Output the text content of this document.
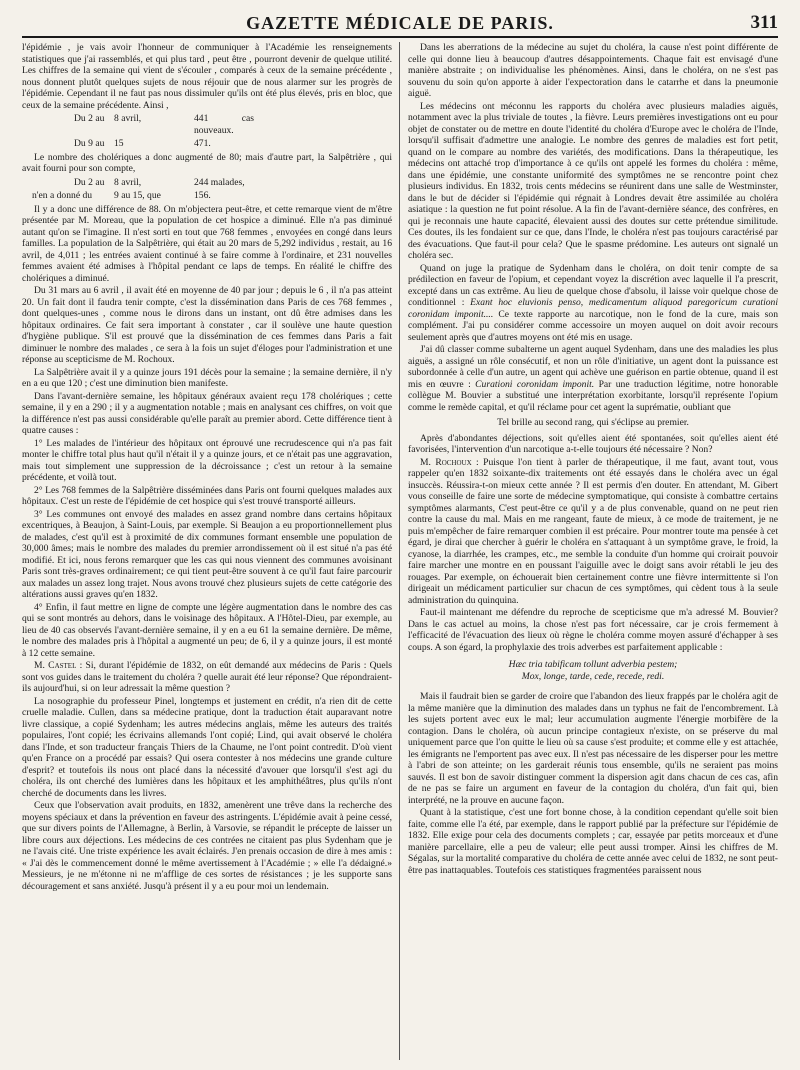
GAZETTE MÉDICALE DE PARIS.	311

l'épidémie , je vais avoir l'honneur de communiquer à l'Académie les renseignements statistiques que j'ai rassemblés, et qui plus tard , peut être , pourront devenir de quelque utilité. Les chiffres de la semaine qui vient de s'écouler , comparés à ceux de la semaine précédente , nous donnent plutôt quelques sujets de nous réjouir que de nous alarmer sur les progrès de l'épidémie. Cependant il ne faut pas nous dissimuler qu'ils ont été plus élevés, pris en bloc, que ceux de la semaine précédente. Ainsi ,

Du 2 au	8 avril,	441 cas nouveaux.
Du 9 au	15	471.

Le nombre des cholériques a donc augmenté de 80; mais d'autre part, la Salpêtrière , qui avait fourni pour son compte,

Du 2 au	8 avril,	244 malades,
n'en a donné du	9 au 15, que	156.

Il y a donc une différence de 88. On m'objectera peut-être, et cette remarque vient de m'être présentée par M. Moreau, que la population de cet hospice a diminué. Elle n'a pas diminué autant qu'on se l'imagine. Il n'est sorti en tout que 768 femmes , envoyées en congé dans leurs familles. La population de la Salpêtrière, qui était au 20 mars de 5,292 individus , restait, au 16 avril, de 4,011 ; les entrées avaient continué à se faire comme à l'ordinaire, et 231 nouvelles femmes avaient été admises à l'hôpital pendant ce laps de temps. En réalité le chiffre des cholériques a diminué.

Du 31 mars au 6 avril , il avait été en moyenne de 40 par jour ; depuis le 6 , il n'a pas atteint 20. Un fait dont il faudra tenir compte, c'est la dissémination dans Paris de ces 768 femmes , dont quelques-unes , comme nous le dirons dans un instant, ont dû être admises dans les hôpitaux ordinaires. Ce fait sera important à constater , car il soulève une haute question d'hygiène publique. S'il est prouvé que la dissémination de ces femmes dans Paris a fait diminuer le nombre des malades , ce sera à la fois un sujet d'éloges pour l'administration et une réponse au scepticisme de M. Rochoux.

La Salpêtrière avait il y a quinze jours 191 décès pour la semaine ; la semaine dernière, il n'y en a eu que 120 ; c'est une diminution bien manifeste.

Dans l'avant-dernière semaine, les hôpitaux généraux avaient reçu 178 cholériques ; cette semaine, il y en a 290 ; il y a augmentation notable ; mais en analysant ces chiffres, on voit que la différence n'est pas aussi considérable qu'elle paraît au premier abord. Cette différence tient à quatre causes :

1° Les malades de l'intérieur des hôpitaux ont éprouvé une recrudescence qui n'a pas fait monter le chiffre total plus haut qu'il n'était il y a quinze jours, et ce n'était pas une aggravation, mais tout simplement une suppression de la décroissance ; c'est un retour à la semaine précédente, et voilà tout.

2° Les 768 femmes de la Salpêtrière disséminées dans Paris ont fourni quelques malades aux hôpitaux. C'est un reste de l'épidémie de cet hospice qui s'est trouvé transporté ailleurs.

3° Les communes ont envoyé des malades en assez grand nombre dans certains hôpitaux excentriques, à Beaujon, à Saint-Louis, par exemple. Si Beaujon a eu proportionnellement plus de malades, c'est qu'il est à proximité de dix communes formant ensemble une population de 30,000 âmes; mais le nombre des malades du premier arrondissement où il est situé n'a pas été modifié. Et ici, nous ferons remarquer que les cas qui nous viennent des communes avoisinant Paris sont très-graves ordinairement; ce qui tient peut-être souvent à ce qu'il faut faire parcourir aux malades un assez long trajet. Nous avons trouvé chez plusieurs sujets de cette catégorie des altérations aussi graves qu'en 1832.

4° Enfin, il faut mettre en ligne de compte une légère augmentation dans le nombre des cas qui se sont montrés au dehors, dans le voisinage des hôpitaux. A l'Hôtel-Dieu, par exemple, au lieu de 40 cas observés l'avant-dernière semaine, il y en a eu 61 la semaine dernière. De même, le nombre des malades pris à l'hôpital a augmenté un peu; de 6, il y a quinze jours, il est monté à 12 cette semaine.

M. Castel : Si, durant l'épidémie de 1832, on eût demandé aux médecins de Paris : Quels sont vos guides dans le traitement du choléra ? quelle aurait été leur réponse? Que répondraient-ils aujourd'hui, si on leur adressait la même question ?

La nosographie du professeur Pinel, longtemps et justement en crédit, n'a rien dit de cette cruelle maladie. Cullen, dans sa médecine pratique, dont la traduction était auparavant notre livre classique, a copié Sydenham; les autres médecins anglais, même les auteurs des traités populaires, l'ont copié; les écrivains allemands l'ont copié; Lind, qui avait observé le choléra dans l'Inde, et son traducteur français Thiers de la Chaume, ne l'ont point contredit. D'où vient qu'en France on a procédé par essais? Qui osera contester à nos médecins une grande culture d'esprit? et toutefois ils nous ont placé dans la nécessité d'avouer que lorsqu'il s'est agi du choléra, ils ont cherché des lumières dans les hôpitaux et les amphithéâtres, plus qu'ils n'ont cherché de documents dans les livres.

Ceux que l'observation avait produits, en 1832, amenèrent une trêve dans la recherche des moyens spéciaux et dans la prévention en faveur des astringents. L'épidémie avait à peine cessé, que sur divers points de l'Allemagne, à Berlin, à Varsovie, se répandit le précepte de laisser un libre cours aux déjections. Les médecins de ces contrées ne citaient pas plus Sydenham que je ne l'avais cité. Une triste expérience les avait éclairés. J'en prenais occasion de dire à mes amis : « J'ai dès le commencement donné le même avertissement à l'Académie ; » elle l'a dédaigné.» Messieurs, je ne m'étonne ni ne m'afflige de ces sortes de résistances ; je les supporte sans découragement et sans anxiété. Jusqu'à présent il y a eu pour moi un lendemain.

Dans les aberrations de la médecine au sujet du choléra, la cause n'est point différente de celle qui donne lieu à beaucoup d'autres désappointements. Chaque fait est envisagé d'une manière abstraite ; on individualise les phénomènes. Ainsi, dans le choléra, on ne s'est pas souvenu du soin qu'on apporte à aider l'expectoration dans le catarrhe et dans la pneumonie aiguë.

Les médecins ont méconnu les rapports du choléra avec plusieurs maladies aiguës, notamment avec la plus triviale de toutes , la fièvre. Leurs premières investigations ont eu pour objet de constater ou de mettre en doute l'identité du choléra d'Europe avec le choléra de l'Inde, lorsqu'il suffisait d'admettre une analogie. Le nombre des genres de maladies est fort petit, quand on le compare au nombre des variétés, des modifications. Dans la thérapeutique, les médecins ont attaché trop d'importance à ce qu'ils ont appelé les formes du choléra : même, dans une épidémie, une constante uniformité des symptômes ne se rencontre point chez plusieurs individus. En 1832, trois cents médecins se réunirent dans une salle de Westminster, dans le but de décider si l'épidémie qui régnait à Londres devait être assimilée au choléra asiatique : la question ne fut point résolue. A la fin de l'avant-dernière séance, des confrères, en qui je reconnais une haute capacité, élevaient aussi des doutes sur cette prétendue similitude. Ces doutes, ils les fondaient sur ce que, dans l'Inde, le choléra n'est pas toujours caractérisé par des évacuations. Que faut-il pour cela? Que le spasme prédomine. Les auteurs ont signalé un choléra sec.

Quand on juge la pratique de Sydenham dans le choléra, on doit tenir compte de sa prédilection en faveur de l'opium, et cependant voyez la discrétion avec laquelle il l'a prescrit, excepté dans un cas extrême. Au lieu de quelque chose d'absolu, il laisse voir quelque chose de conditionnel : Exant hoc eluvionis penso, medicamentum aliquod paregoricum curationi coronidam imponit.... Ce texte rapporte au narcotique, non le fond de la cure, mais son complément. J'ai pu considérer comme accessoire un moyen auquel on doit avoir recours seulement après que d'autres moyens ont été mis en usage.

J'ai dû classer comme subalterne un agent auquel Sydenham, dans une des maladies les plus aiguës, a assigné un rôle consécutif, et non un rôle d'initiative, un agent dont la puissance est subordonnée à celle d'un autre, un agent qui achève une guérison en partie obtenue, quand il est mis en œuvre : Curationi coronidam imponit. Par une traduction légitime, notre honorable collègue M. Bouvier a substitué une interprétation exorbitante, lorsqu'il représente l'opium comme le remède capital, et qu'il réclame pour cet agent la suprématie, oubliant que

Tel brille au second rang, qui s'éclipse au premier.

Après d'abondantes déjections, soit qu'elles aient été spontanées, soit qu'elles aient été favorisées, l'intervention d'un narcotique a-t-elle toujours été nécessaire ? Non?

M. Rochoux : Puisque l'on tient à parler de thérapeutique, il me faut, avant tout, vous rappeler qu'en 1832 soixante-dix traitements ont été essayés dans le choléra avec un égal insuccès. Réussira-t-on mieux cette année ? Il est permis d'en douter. En attendant, M. Gibert vous conseille de faire une sorte de médecine symptomatique, qui consiste à combattre certains symptômes alarmants, C'est peut-être ce qu'il y a de plus convenable, quand on ne peut rien contre la cause du mal. Mais en me rangeant, faute de mieux, à ce mode de traitement, je ne puis m'empêcher de faire remarquer combien il est précaire. Pour montrer toute ma pensée à cet égard, je dirai que chercher à guérir le choléra en s'attaquant à un symptôme grave, le froid, la cyanose, la diarrhée, les crampes, etc., me semble la conduite d'un homme qui croirait pouvoir faire marcher une montre en en poussant l'aiguille avec le doigt sans avoir rétabli le jeu des rouages. Par exemple, on échouerait bien certainement contre une fièvre intermittente si l'on dirigeait un médicament particulier sur chacun de ces symptômes, qui cèdent tous à la seule administration du quinquina.

Faut-il maintenant me défendre du reproche de scepticisme que m'a adressé M. Bouvier? Dans le cas actuel au moins, la chose n'est pas fort nécessaire, car je crois fermement à l'efficacité de l'évacuation des lieux où règne le choléra comme moyen assuré d'échapper à ses coups. A son égard, la prophylaxie des trois adverbes est parfaitement applicable :

Hæc tria tabificam tollunt adverbia pestem;
Mox, longe, tarde, cede, recede, redi.

Mais il faudrait bien se garder de croire que l'abandon des lieux frappés par le choléra agit de la même manière que la diminution des malades dans un typhus ne fait de l'encombrement. Là les sujets portent avec eux le mal; leur accumulation augmente l'énergie morbifère de la contagion. Dans le choléra, où aucun principe contagieux n'existe, on se préserve du mal uniquement parce que l'on quitte le lieu où sa cause s'est produite; et comme elle y est attachée, les émigrants ne l'emportent pas avec eux. Il n'est pas nécessaire de les disperser pour les mettre à l'abri de son atteinte; on les garderait réunis tous ensemble, qu'ils ne seraient pas moins sauvés. Il est bon de savoir distinguer comment la dispersion agit dans chacun de ces cas, afin de ne pas se faire un argument en faveur de la contagion du choléra, d'un fait qui, bien interprété, ne la prouve en aucune façon.

Quant à la statistique, c'est une fort bonne chose, à la condition cependant qu'elle soit bien faite, comme elle l'a été, par exemple, dans le rapport publié par la préfecture sur l'épidémie de 1832. Elle exige pour cela des documents complets ; car, essayée par petits morceaux et d'une manière parcellaire, elle a peu de valeur; elle peut aussi tromper. Ainsi les chiffres de M. Ségalas, sur la mortalité comparative du choléra de cette année avec celui de 1832, ne sont peut-être pas inattaquables. Toutefois ces statistiques fragmentées paraissent nous
